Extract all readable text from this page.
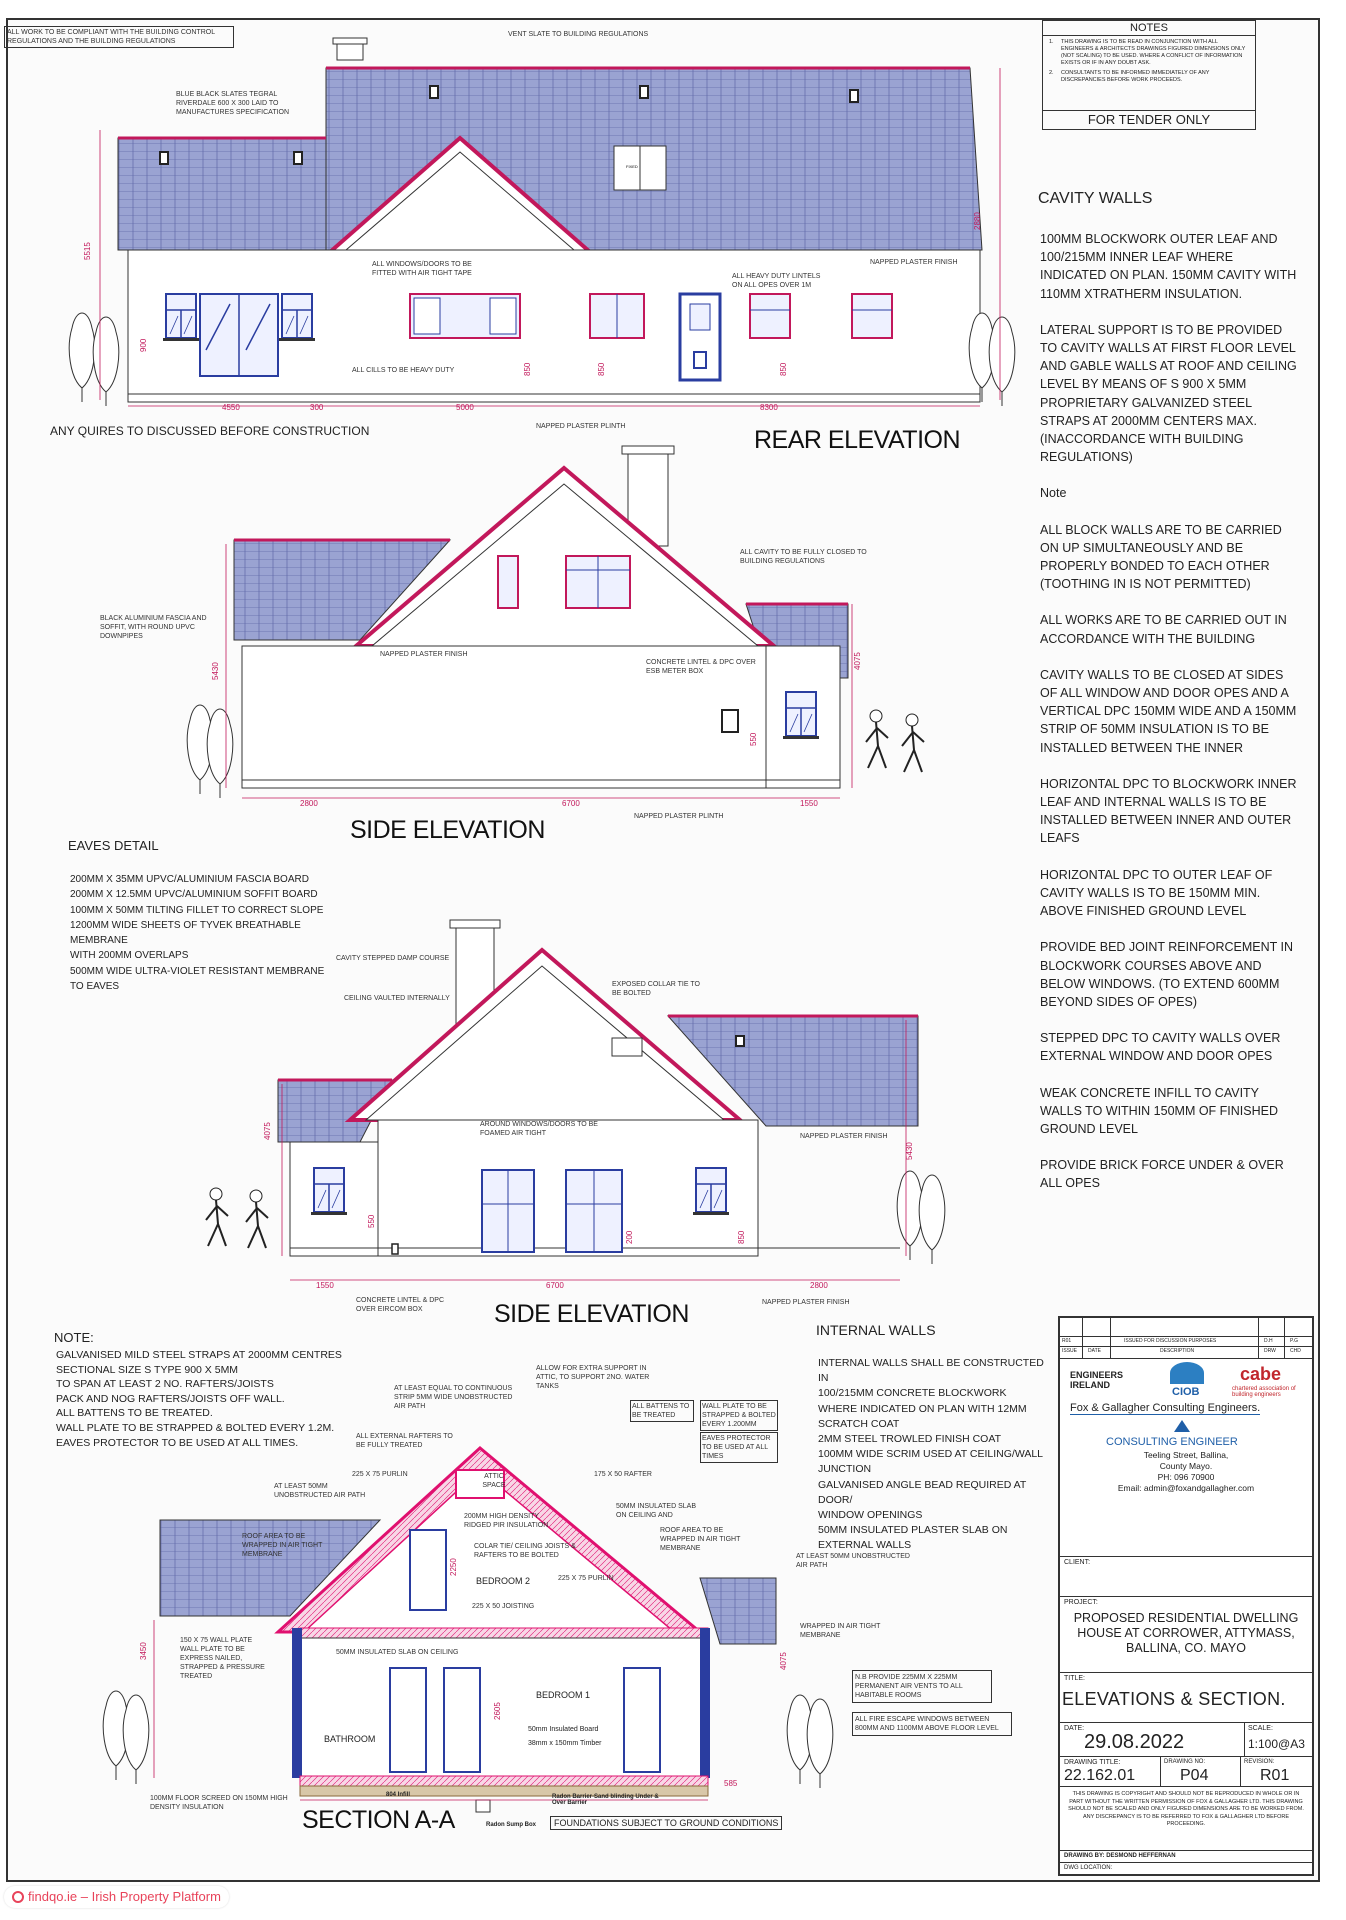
ALL WORK TO BE COMPLIANT WITH THE BUILDING CONTROL REGULATIONS AND THE BUILDING REGULATIONS
NOTES
1. THIS DRAWING IS TO BE READ IN CONJUNCTION WITH ALL ENGINEERS & ARCHITECTS DRAWINGS FIGURED DIMENSIONS ONLY (NOT SCALING) TO BE USED. WHERE A CONFLICT OF INFORMATION EXISTS OR IF IN ANY DOUBT ASK.
2. CONSULTANTS TO BE INFORMED IMMEDIATELY OF ANY DISCREPANCIES BEFORE WORK PROCEEDS.
FOR TENDER ONLY
FIXED
4550	300	5000	8300
5515
2880
900
850	850	850
2800	6700	1550
5430
4075
550
1550	6700	2800
4075
5430
550
200	850
3450
2250
2605
4075
585
BLUE BLACK SLATES TEGRAL RIVERDALE 600 X 300 LAID TO MANUFACTURES SPECIFICATION
VENT SLATE TO BUILDING REGULATIONS
ALL WINDOWS/DOORS TO BE FITTED WITH AIR TIGHT TAPE	ALL HEAVY DUTY LINTELS ON ALL OPES OVER 1M
NAPPED PLASTER FINISH
ALL CILLS TO BE HEAVY DUTY
NAPPED PLASTER PLINTH
ANY QUIRES TO DISCUSSED BEFORE CONSTRUCTION	REAR ELEVATION
BLACK ALUMINIUM FASCIA AND SOFFIT, WITH ROUND UPVC DOWNPIPES
ALL CAVITY TO BE FULLY CLOSED TO BUILDING REGULATIONS
NAPPED PLASTER FINISH
CONCRETE LINTEL & DPC OVER ESB METER BOX
NAPPED PLASTER PLINTH
SIDE ELEVATION
EAVES DETAIL
200MM X 35MM UPVC/ALUMINIUM FASCIA BOARD
200MM X 12.5MM UPVC/ALUMINIUM SOFFIT BOARD
100MM X 50MM TILTING FILLET TO CORRECT SLOPE
1200MM WIDE SHEETS OF TYVEK BREATHABLE MEMBRANE
WITH 200MM OVERLAPS
500MM WIDE ULTRA-VIOLET RESISTANT MEMBRANE
TO EAVES
CAVITY STEPPED DAMP COURSE
CEILING VAULTED INTERNALLY
EXPOSED COLLAR TIE TO BE BOLTED
AROUND WINDOWS/DOORS TO BE FOAMED AIR TIGHT	NAPPED PLASTER FINISH
CONCRETE LINTEL & DPC OVER EIRCOM BOX
NAPPED PLASTER FINISH
SIDE ELEVATION
CAVITY WALLS

100MM BLOCKWORK OUTER LEAF AND 100/215MM INNER LEAF WHERE INDICATED ON PLAN. 150MM CAVITY WITH 110MM XTRATHERM INSULATION.

LATERAL SUPPORT IS TO BE PROVIDED TO CAVITY WALLS AT FIRST FLOOR LEVEL AND GABLE WALLS AT ROOF AND CEILING LEVEL BY MEANS OF S 900 X 5MM PROPRIETARY GALVANIZED STEEL STRAPS AT 2000MM CENTERS MAX. (INACCORDANCE WITH BUILDING REGULATIONS)

Note

ALL BLOCK WALLS ARE TO BE CARRIED ON UP SIMULTANEOUSLY AND BE PROPERLY BONDED TO EACH OTHER (TOOTHING IN IS NOT PERMITTED)

ALL WORKS ARE TO BE CARRIED OUT IN ACCORDANCE WITH THE BUILDING

CAVITY WALLS TO BE CLOSED AT SIDES OF ALL WINDOW AND DOOR OPES AND A VERTICAL DPC 150MM WIDE AND A 150MM STRIP OF 50MM INSULATION IS TO BE INSTALLED BETWEEN THE INNER

HORIZONTAL DPC TO BLOCKWORK INNER LEAF AND INTERNAL WALLS IS TO BE INSTALLED BETWEEN INNER AND OUTER LEAFS

HORIZONTAL DPC TO OUTER LEAF OF CAVITY WALLS IS TO BE 150MM MIN. ABOVE FINISHED GROUND LEVEL

PROVIDE BED JOINT REINFORCEMENT IN BLOCKWORK COURSES ABOVE AND BELOW WINDOWS. (TO EXTEND 600MM BEYOND SIDES OF OPES)

STEPPED DPC TO CAVITY WALLS OVER EXTERNAL WINDOW AND DOOR OPES

WEAK CONCRETE INFILL TO CAVITY WALLS TO WITHIN 150MM OF FINISHED GROUND LEVEL

PROVIDE BRICK FORCE UNDER & OVER ALL OPES

NOTE:
GALVANISED MILD STEEL STRAPS AT 2000MM CENTRES
SECTIONAL SIZE S TYPE 900 X 5MM
TO SPAN AT LEAST 2 NO. RAFTERS/JOISTS
PACK AND NOG RAFTERS/JOISTS OFF WALL.
ALL BATTENS TO BE TREATED.
WALL PLATE TO BE STRAPPED & BOLTED EVERY 1.2M.
EAVES PROTECTOR TO BE USED AT ALL TIMES.
INTERNAL WALLS
INTERNAL WALLS SHALL BE CONSTRUCTED IN
100/215MM CONCRETE BLOCKWORK
WHERE INDICATED ON PLAN WITH 12MM
SCRATCH COAT
2MM STEEL TROWLED FINISH COAT
100MM WIDE SCRIM USED AT CEILING/WALL
JUNCTION
GALVANISED ANGLE BEAD REQUIRED AT DOOR/
WINDOW OPENINGS
50MM INSULATED PLASTER SLAB ON
EXTERNAL WALLS
ALLOW FOR EXTRA SUPPORT IN ATTIC, TO SUPPORT 2NO. WATER TANKS
ALL BATTENS TO BE TREATED
WALL PLATE TO BE STRAPPED & BOLTED EVERY 1.200MM
EAVES PROTECTOR TO BE USED AT ALL TIMES
AT LEAST EQUAL TO CONTINUOUS STRIP 5MM WIDE UNOBSTRUCTED AIR PATH
ALL EXTERNAL RAFTERS TO BE FULLY TREATED
225 X 75 PURLIN	ATTIC SPACE
175 X 50 RAFTER
AT LEAST 50MM UNOBSTRUCTED AIR PATH
200MM HIGH DENSITY RIDGED PIR INSULATION
50MM INSULATED SLAB ON CEILING AND
ROOF AREA TO BE WRAPPED IN AIR TIGHT MEMBRANE
ROOF AREA TO BE WRAPPED IN AIR TIGHT MEMBRANE
COLAR TIE/ CEILING JOISTS & RAFTERS TO BE BOLTED
BEDROOM 2	225 X 75 PURLIN
AT LEAST 50MM UNOBSTRUCTED AIR PATH
225 X 50 JOISTING
WRAPPED IN AIR TIGHT MEMBRANE
150 X 75 WALL PLATE WALL PLATE TO BE EXPRESS NAILED, STRAPPED & PRESSURE TREATED
50MM INSULATED SLAB ON CEILING
BEDROOM 1
BATHROOM
50mm Insulated Board
38mm x 150mm Timber
N.B PROVIDE 225MM X 225MM PERMANENT AIR VENTS TO ALL HABITABLE ROOMS
ALL FIRE ESCAPE WINDOWS BETWEEN 800MM AND 1100MM ABOVE FLOOR LEVEL
100MM FLOOR SCREED ON 150MM HIGH DENSITY INSULATION
804 Infill	Radon Barrier-Sand blinding Under & Over Barrier
Radon Sump Box	FOUNDATIONS SUBJECT TO GROUND CONDITIONS
SECTION A-A
R01	ISSUED FOR DISCUSSION PURPOSES	D.H	P.G
ISSUE DATE	DESCRIPTION	DRW	CHD
ENGINEERS IRELAND
CIOB
cabe
chartered association of building engineers
Fox & Gallagher Consulting Engineers.
CONSULTING ENGINEER
Teeling Street, Ballina,
County Mayo.
PH: 096 70900
Email: admin@foxandgallagher.com
CLIENT:
PROJECT:
PROPOSED RESIDENTIAL DWELLING
HOUSE AT CORROWER, ATTYMASS,
BALLINA, CO. MAYO
TITLE:
ELEVATIONS & SECTION.
DATE:
29.08.2022
SCALE:
1:100@A3
DRAWING TITLE:
22.162.01
DRAWING NO:
P04
REVISION:
R01
THIS DRAWING IS COPYRIGHT AND SHOULD NOT BE REPRODUCED IN WHOLE OR IN PART WITHOUT THE WRITTEN PERMISSION OF FOX & GALLAGHER LTD. THIS DRAWING SHOULD NOT BE SCALED AND ONLY FIGURED DIMENSIONS ARE TO BE WORKED FROM. ANY DISCREPANCY IS TO BE REFERRED TO FOX & GALLAGHER LTD BEFORE PROCEEDING.
DRAWING BY: DESMOND HEFFERNAN
DWG LOCATION:
findqo.ie – Irish Property Platform
